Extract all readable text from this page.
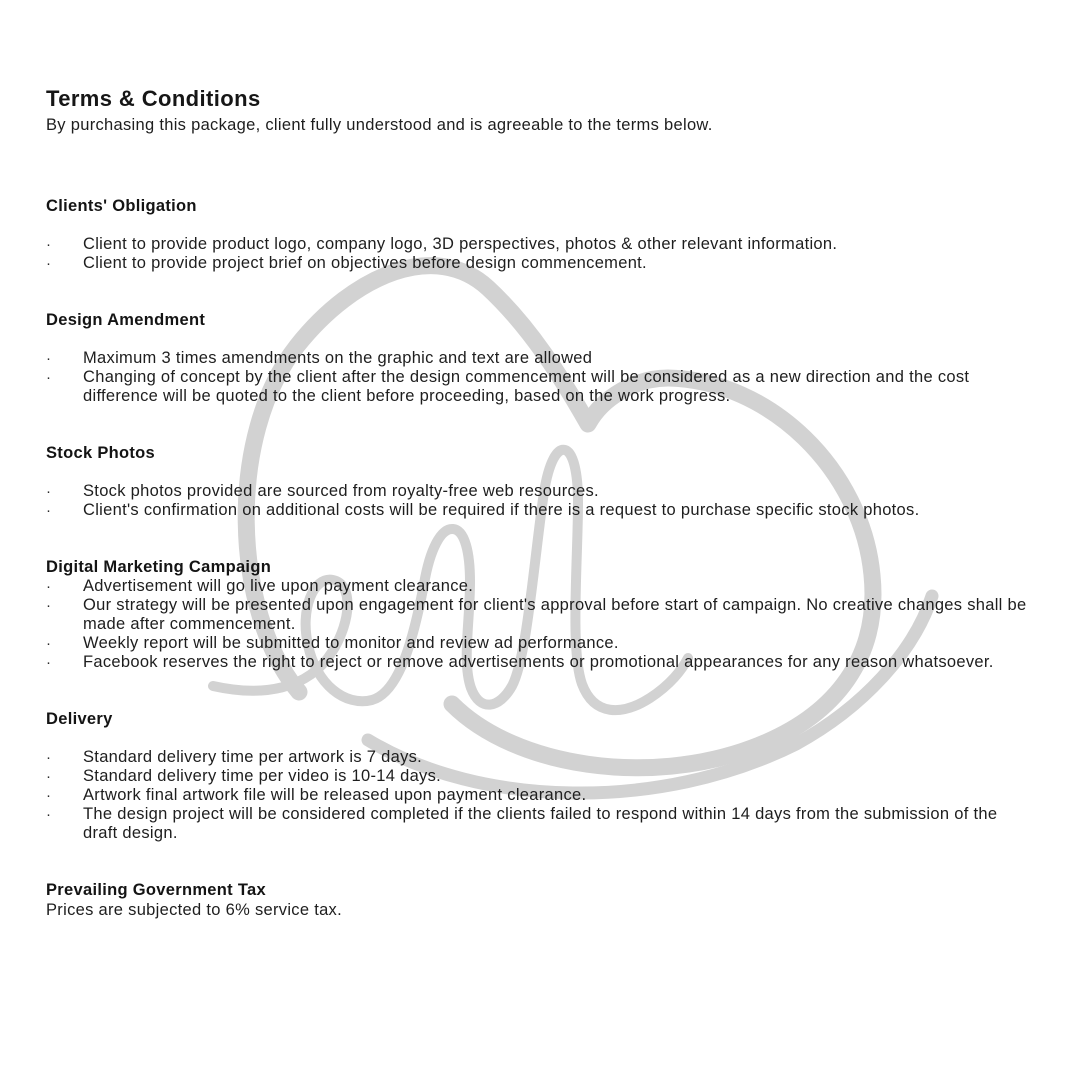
Terms & Conditions

By purchasing this package, client fully understood and is agreeable to the terms below.

Clients' Obligation
·	Client to provide product logo, company logo, 3D perspectives, photos & other relevant information.
·	Client to provide project brief on objectives before design commencement.
Design Amendment
·	Maximum 3 times amendments on the graphic and text are allowed
·	Changing of concept by the client after the design commencement will be considered as a new direction and the cost difference will be quoted to the client before proceeding, based on the work progress.
Stock Photos
·	Stock photos provided are sourced from royalty-free web resources.
·	Client's confirmation on additional costs will be required if there is a request to purchase specific stock photos.
Digital Marketing Campaign
·	Advertisement will go live upon payment clearance.
·	Our strategy will be presented upon engagement for client's approval before start of campaign. No creative changes shall be made after commencement.
·	Weekly report will be submitted to monitor and review ad performance.
·	Facebook reserves the right to reject or remove advertisements or promotional appearances for any reason whatsoever.
Delivery
·	Standard delivery time per artwork is 7 days.
·	Standard delivery time per video is 10-14 days.
·	Artwork final artwork file will be released upon payment clearance.
·	The design project will be considered completed if the clients failed to respond within 14 days from the submission of the draft design.
Prevailing Government Tax

Prices are subjected to 6% service tax.
